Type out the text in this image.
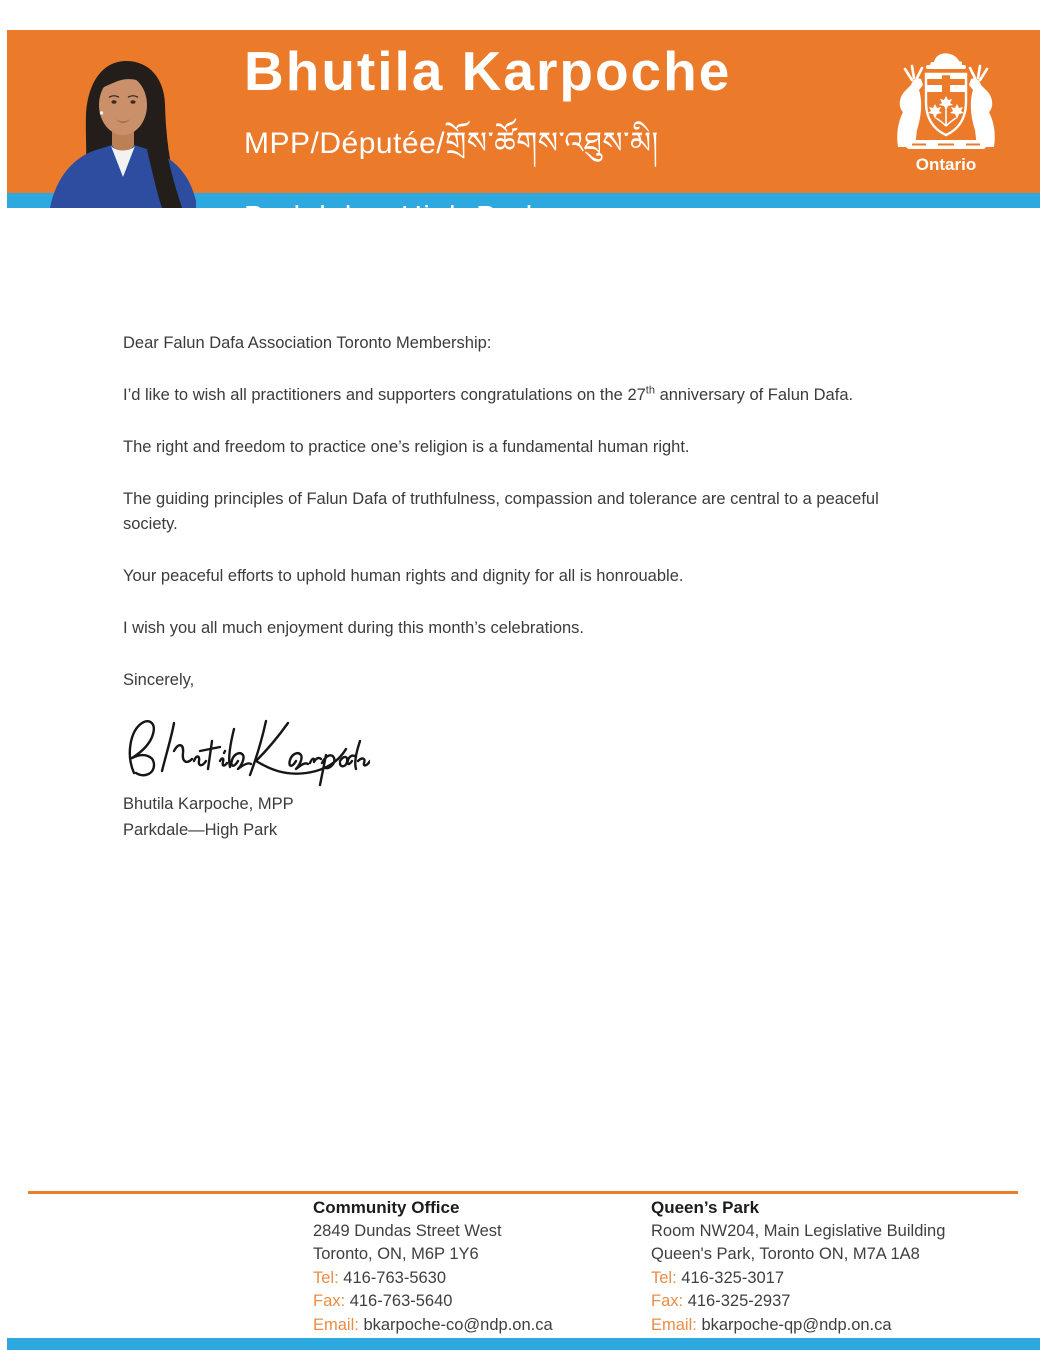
Bhutila Karpoche
MPP/Députée/གྲོས་ཚོགས་འཐུས་མི།
Parkdale—High Park
Ontario

Dear Falun Dafa Association Toronto Membership:

I’d like to wish all practitioners and supporters congratulations on the 27th anniversary of Falun Dafa.

The right and freedom to practice one’s religion is a fundamental human right.

The guiding principles of Falun Dafa of truthfulness, compassion and tolerance are central to a peaceful society.

Your peaceful efforts to uphold human rights and dignity for all is honrouable.

I wish you all much enjoyment during this month’s celebrations.

Sincerely,

Bhutila Karpoche, MPP
Parkdale—High Park
Community Office
2849 Dundas Street West
Toronto, ON, M6P 1Y6
Tel: 416-763-5630
Fax: 416-763-5640
Email: bkarpoche-co@ndp.on.ca
Queen’s Park
Room NW204, Main Legislative Building
Queen's Park, Toronto ON, M7A 1A8
Tel: 416-325-3017
Fax: 416-325-2937
Email: bkarpoche-qp@ndp.on.ca
